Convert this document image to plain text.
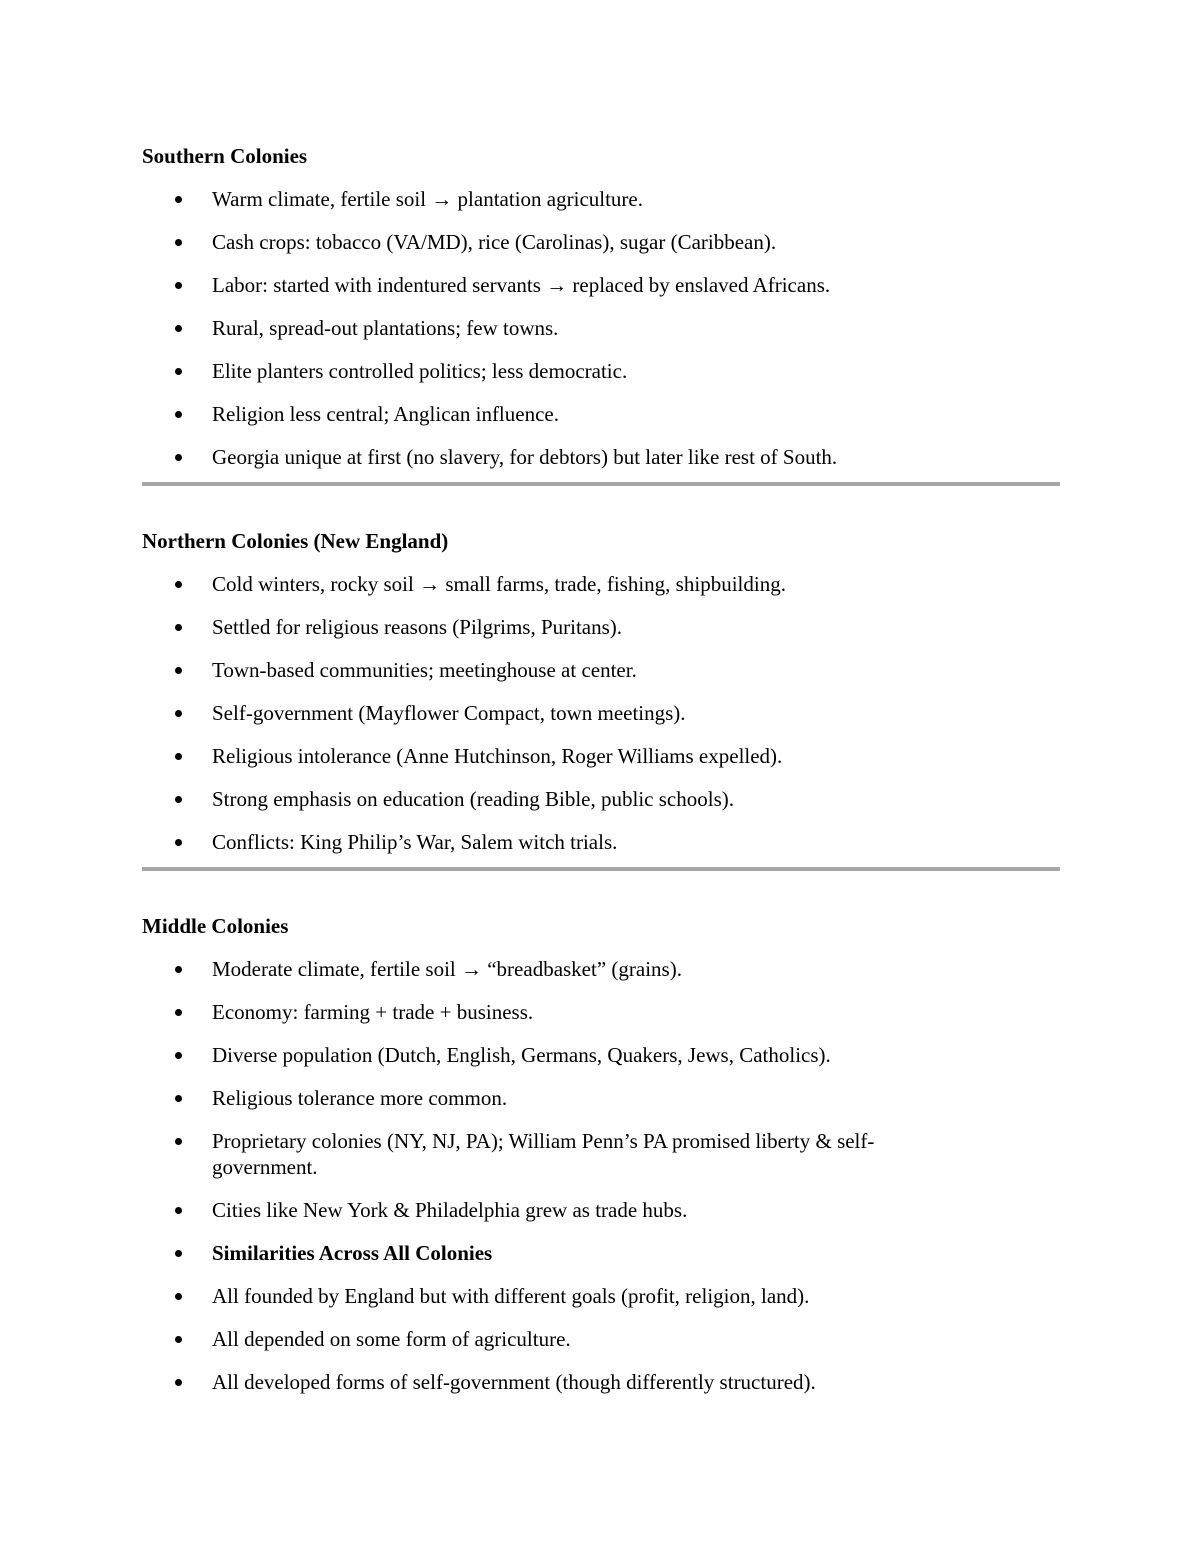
Southern Colonies

Warm climate, fertile soil → plantation agriculture.
Cash crops: tobacco (VA/MD), rice (Carolinas), sugar (Caribbean).
Labor: started with indentured servants → replaced by enslaved Africans.
Rural, spread-out plantations; few towns.
Elite planters controlled politics; less democratic.
Religion less central; Anglican influence.
Georgia unique at first (no slavery, for debtors) but later like rest of South.

Northern Colonies (New England)

Cold winters, rocky soil → small farms, trade, fishing, shipbuilding.
Settled for religious reasons (Pilgrims, Puritans).
Town-based communities; meetinghouse at center.
Self-government (Mayflower Compact, town meetings).
Religious intolerance (Anne Hutchinson, Roger Williams expelled).
Strong emphasis on education (reading Bible, public schools).
Conflicts: King Philip’s War, Salem witch trials.

Middle Colonies

Moderate climate, fertile soil → “breadbasket” (grains).
Economy: farming + trade + business.
Diverse population (Dutch, English, Germans, Quakers, Jews, Catholics).
Religious tolerance more common.
Proprietary colonies (NY, NJ, PA); William Penn’s PA promised liberty & self-government.
Cities like New York & Philadelphia grew as trade hubs.
Similarities Across All Colonies
All founded by England but with different goals (profit, religion, land).
All depended on some form of agriculture.
All developed forms of self-government (though differently structured).
